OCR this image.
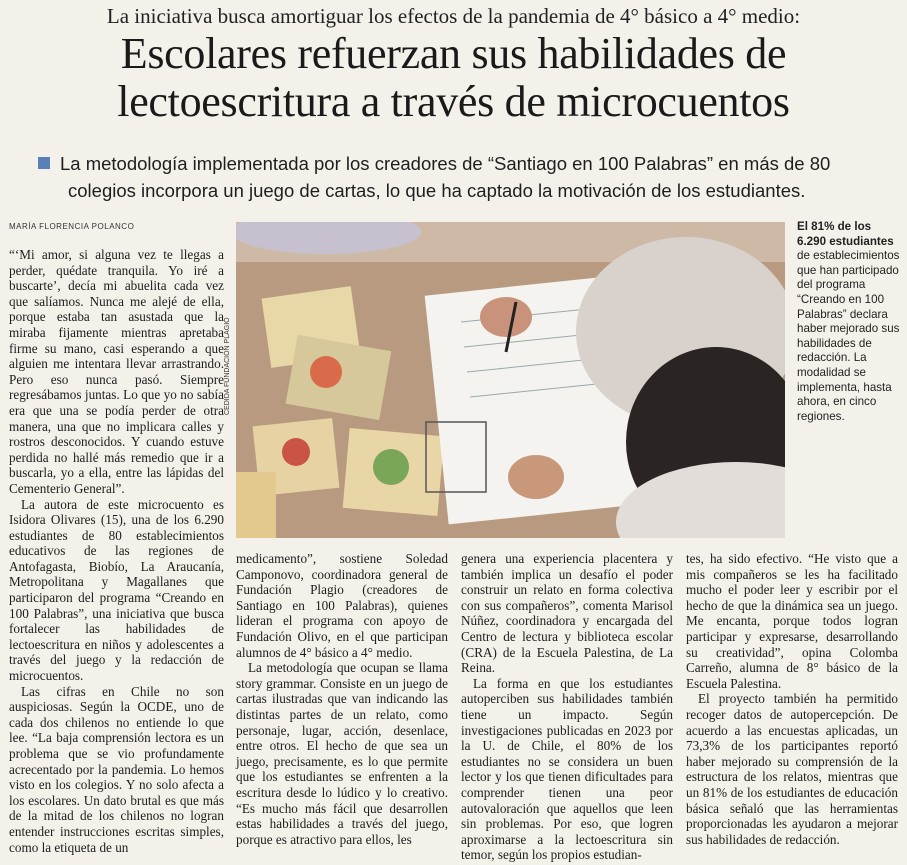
La iniciativa busca amortiguar los efectos de la pandemia de 4° básico a 4° medio:
Escolares refuerzan sus habilidades de lectoescritura a través de microcuentos
La metodología implementada por los creadores de “Santiago en 100 Palabras” en más de 80
colegios incorpora un juego de cartas, lo que ha captado la motivación de los estudiantes.
MARÍA FLORENCIA POLANCO
CEDIDA FUNDACIÓN PLAGIO
El 81% de los 6.290 estudiantes de establecimientos que han participado del programa “Creando en 100 Palabras” declara haber mejorado sus habilidades de redacción. La modalidad se implementa, hasta ahora, en cinco regiones.

“‘Mi amor, si alguna vez te llegas a perder, quédate tranquila. Yo iré a buscarte’, decía mi abuelita cada vez que salíamos. Nunca me alejé de ella, porque estaba tan asustada que la miraba fijamente mientras apretaba firme su mano, casi esperando a que alguien me intentara llevar arrastrando. Pero eso nunca pasó. Siempre regresábamos juntas. Lo que yo no sabía era que una se podía perder de otra manera, una que no implicara calles y rostros desconocidos. Y cuando estuve perdida no hallé más remedio que ir a buscarla, yo a ella, entre las lápidas del Cementerio General”.

La autora de este microcuento es Isidora Olivares (15), una de los 6.290 estudiantes de 80 establecimientos educativos de las regiones de Antofagasta, Biobío, La Araucanía, Metropolitana y Magallanes que participaron del programa “Creando en 100 Palabras”, una iniciativa que busca fortalecer las habilidades de lectoescritura en niños y adolescentes a través del juego y la redacción de microcuentos.

Las cifras en Chile no son auspiciosas. Según la OCDE, uno de cada dos chilenos no entiende lo que lee. “La baja comprensión lectora es un problema que se vio profundamente acrecentado por la pandemia. Lo hemos visto en los colegios. Y no solo afecta a los escolares. Un dato brutal es que más de la mitad de los chilenos no logran entender instrucciones escritas simples, como la etiqueta de un

medicamento”, sostiene Soledad Camponovo, coordinadora general de Fundación Plagio (creadores de Santiago en 100 Palabras), quienes lideran el programa con apoyo de Fundación Olivo, en el que participan alumnos de 4° básico a 4° medio.

La metodología que ocupan se llama story grammar. Consiste en un juego de cartas ilustradas que van indicando las distintas partes de un relato, como personaje, lugar, acción, desenlace, entre otros. El hecho de que sea un juego, precisamente, es lo que permite que los estudiantes se enfrenten a la escritura desde lo lúdico y lo creativo. “Es mucho más fácil que desarrollen estas habilidades a través del juego, porque es atractivo para ellos, les

genera una experiencia placentera y también implica un desafío el poder construir un relato en forma colectiva con sus compañeros”, comenta Marisol Núñez, coordinadora y encargada del Centro de lectura y biblioteca escolar (CRA) de la Escuela Palestina, de La Reina.

La forma en que los estudiantes autoperciben sus habilidades también tiene un impacto. Según investigaciones publicadas en 2023 por la U. de Chile, el 80% de los estudiantes no se considera un buen lector y los que tienen dificultades para comprender tienen una peor autovaloración que aquellos que leen sin problemas. Por eso, que logren aproximarse a la lectoescritura sin temor, según los propios estudian-

tes, ha sido efectivo. “He visto que a mis compañeros se les ha facilitado mucho el poder leer y escribir por el hecho de que la dinámica sea un juego. Me encanta, porque todos logran participar y expresarse, desarrollando su creatividad”, opina Colomba Carreño, alumna de 8° básico de la Escuela Palestina.

El proyecto también ha permitido recoger datos de autopercepción. De acuerdo a las encuestas aplicadas, un 73,3% de los participantes reportó haber mejorado su comprensión de la estructura de los relatos, mientras que un 81% de los estudiantes de educación básica señaló que las herramientas proporcionadas les ayudaron a mejorar sus habilidades de redacción.
